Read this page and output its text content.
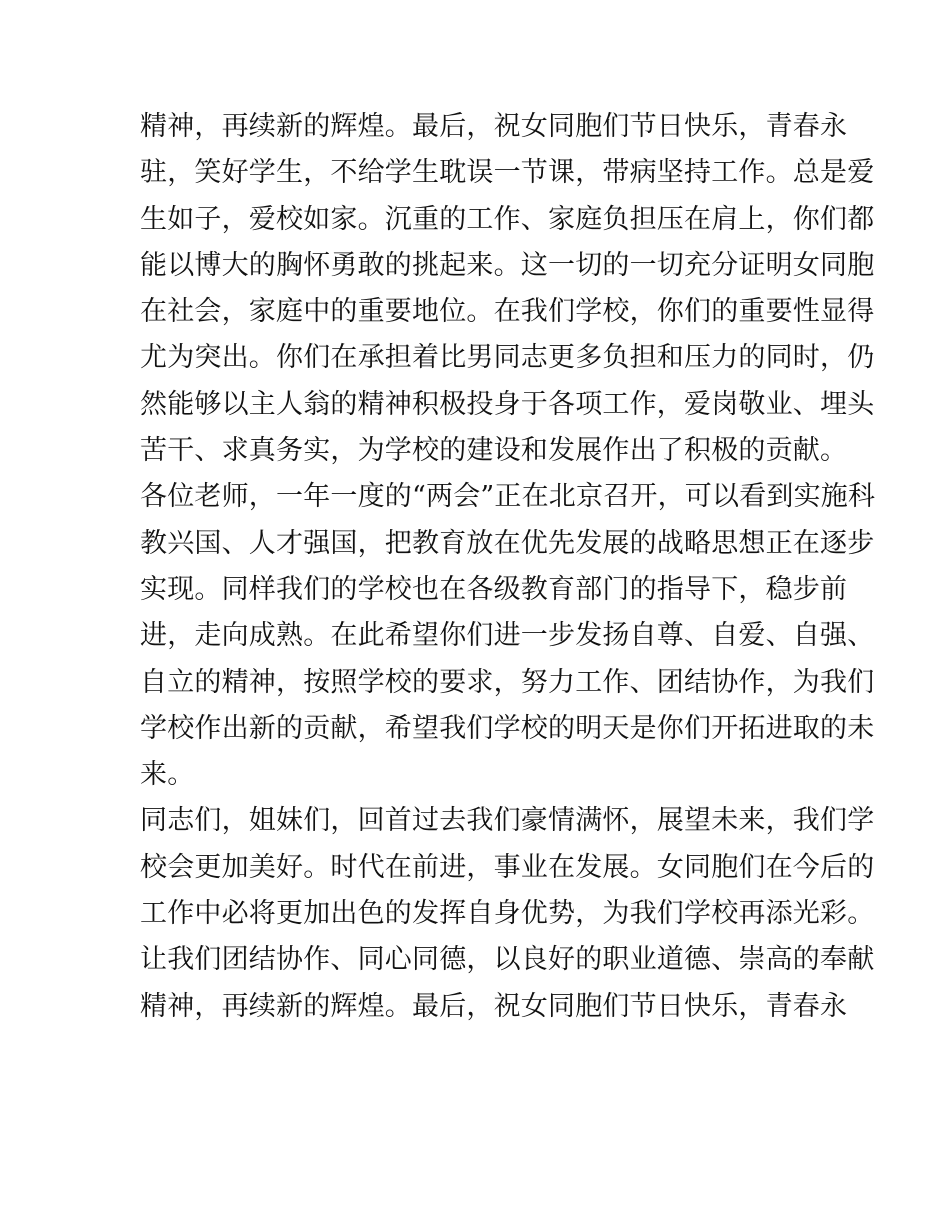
精神，再续新的辉煌。最后，祝女同胞们节日快乐，青春永
驻，笑好学生，不给学生耽误一节课，带病坚持工作。总是爱
生如子，爱校如家。沉重的工作、家庭负担压在肩上，你们都
能以博大的胸怀勇敢的挑起来。这一切的一切充分证明女同胞
在社会，家庭中的重要地位。在我们学校，你们的重要性显得
尤为突出。你们在承担着比男同志更多负担和压力的同时，仍
然能够以主人翁的精神积极投身于各项工作，爱岗敬业、埋头
苦干、求真务实，为学校的建设和发展作出了积极的贡献。
各位老师，一年一度的“两会”正在北京召开，可以看到实施科
教兴国、人才强国，把教育放在优先发展的战略思想正在逐步
实现。同样我们的学校也在各级教育部门的指导下，稳步前
进，走向成熟。在此希望你们进一步发扬自尊、自爱、自强、
自立的精神，按照学校的要求，努力工作、团结协作，为我们
学校作出新的贡献，希望我们学校的明天是你们开拓进取的未
来。
同志们，姐妹们，回首过去我们豪情满怀，展望未来，我们学
校会更加美好。时代在前进，事业在发展。女同胞们在今后的
工作中必将更加出色的发挥自身优势，为我们学校再添光彩。
让我们团结协作、同心同德，以良好的职业道德、崇高的奉献
精神，再续新的辉煌。最后，祝女同胞们节日快乐，青春永
